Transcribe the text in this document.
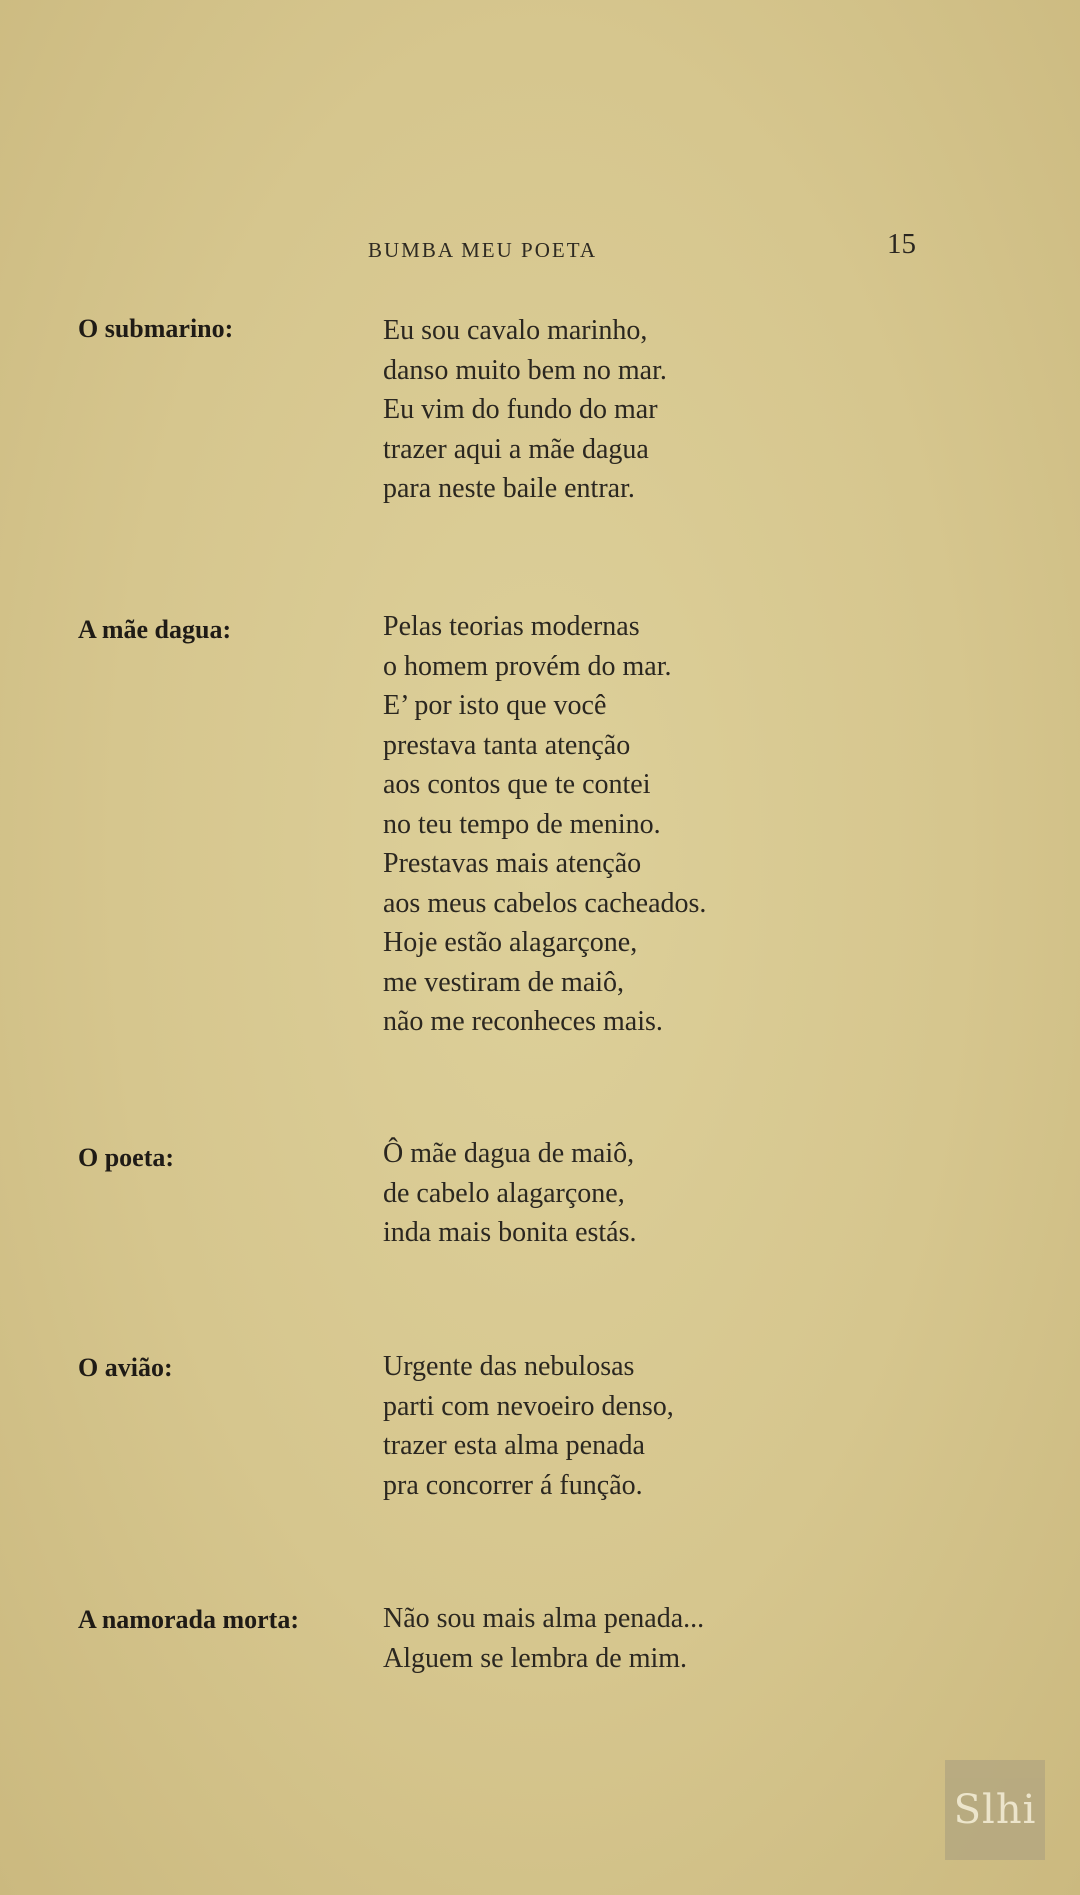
BUMBA MEU POETA	15
O submarino:	Eu sou cavalo marinho,
danso muito bem no mar.
Eu vim do fundo do mar
trazer aqui a mãe dagua
para neste baile entrar.
A mãe dagua:	Pelas teorias modernas
o homem provém do mar.
E’ por isto que você
prestava tanta atenção
aos contos que te contei
no teu tempo de menino.
Prestavas mais atenção
aos meus cabelos cacheados.
Hoje estão alagarçone,
me vestiram de maiô,
não me reconheces mais.
O poeta:	Ô mãe dagua de maiô,
de cabelo alagarçone,
inda mais bonita estás.
O avião:	Urgente das nebulosas
parti com nevoeiro denso,
trazer esta alma penada
pra concorrer á função.
A namorada morta:	Não sou mais alma penada...
Alguem se lembra de mim.
Slhi
